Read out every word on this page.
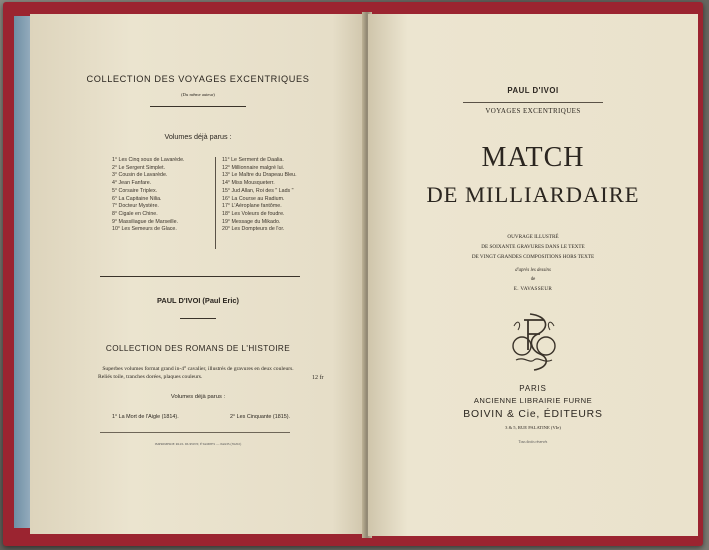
COLLECTION DES VOYAGES EXCENTRIQUES
(Du même auteur)
Volumes déjà parus :
1° Les Cinq sous de Lavarède.
2° Le Sergent Simplet.
3° Cousin de Lavarède.
4° Jean Fanfare.
5° Corsaire Triplex.
6° La Capitaine Nilia.
7° Docteur Mystère.
8° Cigale en Chine.
9° Massiliague de Marseille.
10° Les Semeurs de Glace.
11° Le Serment de Daalia.
12° Millionnaire malgré lui.
13° Le Maître du Drapeau Bleu.
14° Miss Mousqueterr.
15° Jud Allan, Roi des " Lads "
16° La Course au Radium.
17° L'Aéroplane fantôme.
18° Les Voleurs de foudre.
19° Message du Mikado.
20° Les Dompteurs de l'or.
PAUL D'IVOI (Paul Eric)
COLLECTION DES ROMANS DE L'HISTOIRE
Superbes volumes format grand in-4° cavalier, illustrés de gravures en deux couleurs.
Reliés toile, tranches dorées, plaques couleurs.	12 fr
Volumes déjà parus :
1° La Mort de l'Aigle (1814).	2° Les Cinquante (1815).
IMPRIMERIE PAUL DUPONT, ÉTAMPES — PARIS (39202)
PAUL D'IVOI
VOYAGES EXCENTRIQUES
MATCH
DE MILLIARDAIRE
OUVRAGE ILLUSTRÉ
DE SOIXANTE GRAVURES DANS LE TEXTE
DE VINGT GRANDES COMPOSITIONS HORS TEXTE
d'après les dessins
de
E. VAVASSEUR
PARIS
ANCIENNE LIBRAIRIE FURNE
BOIVIN & Cie, ÉDITEURS
3 & 5, RUE PALATINE (VIe)
Tous droits réservés
